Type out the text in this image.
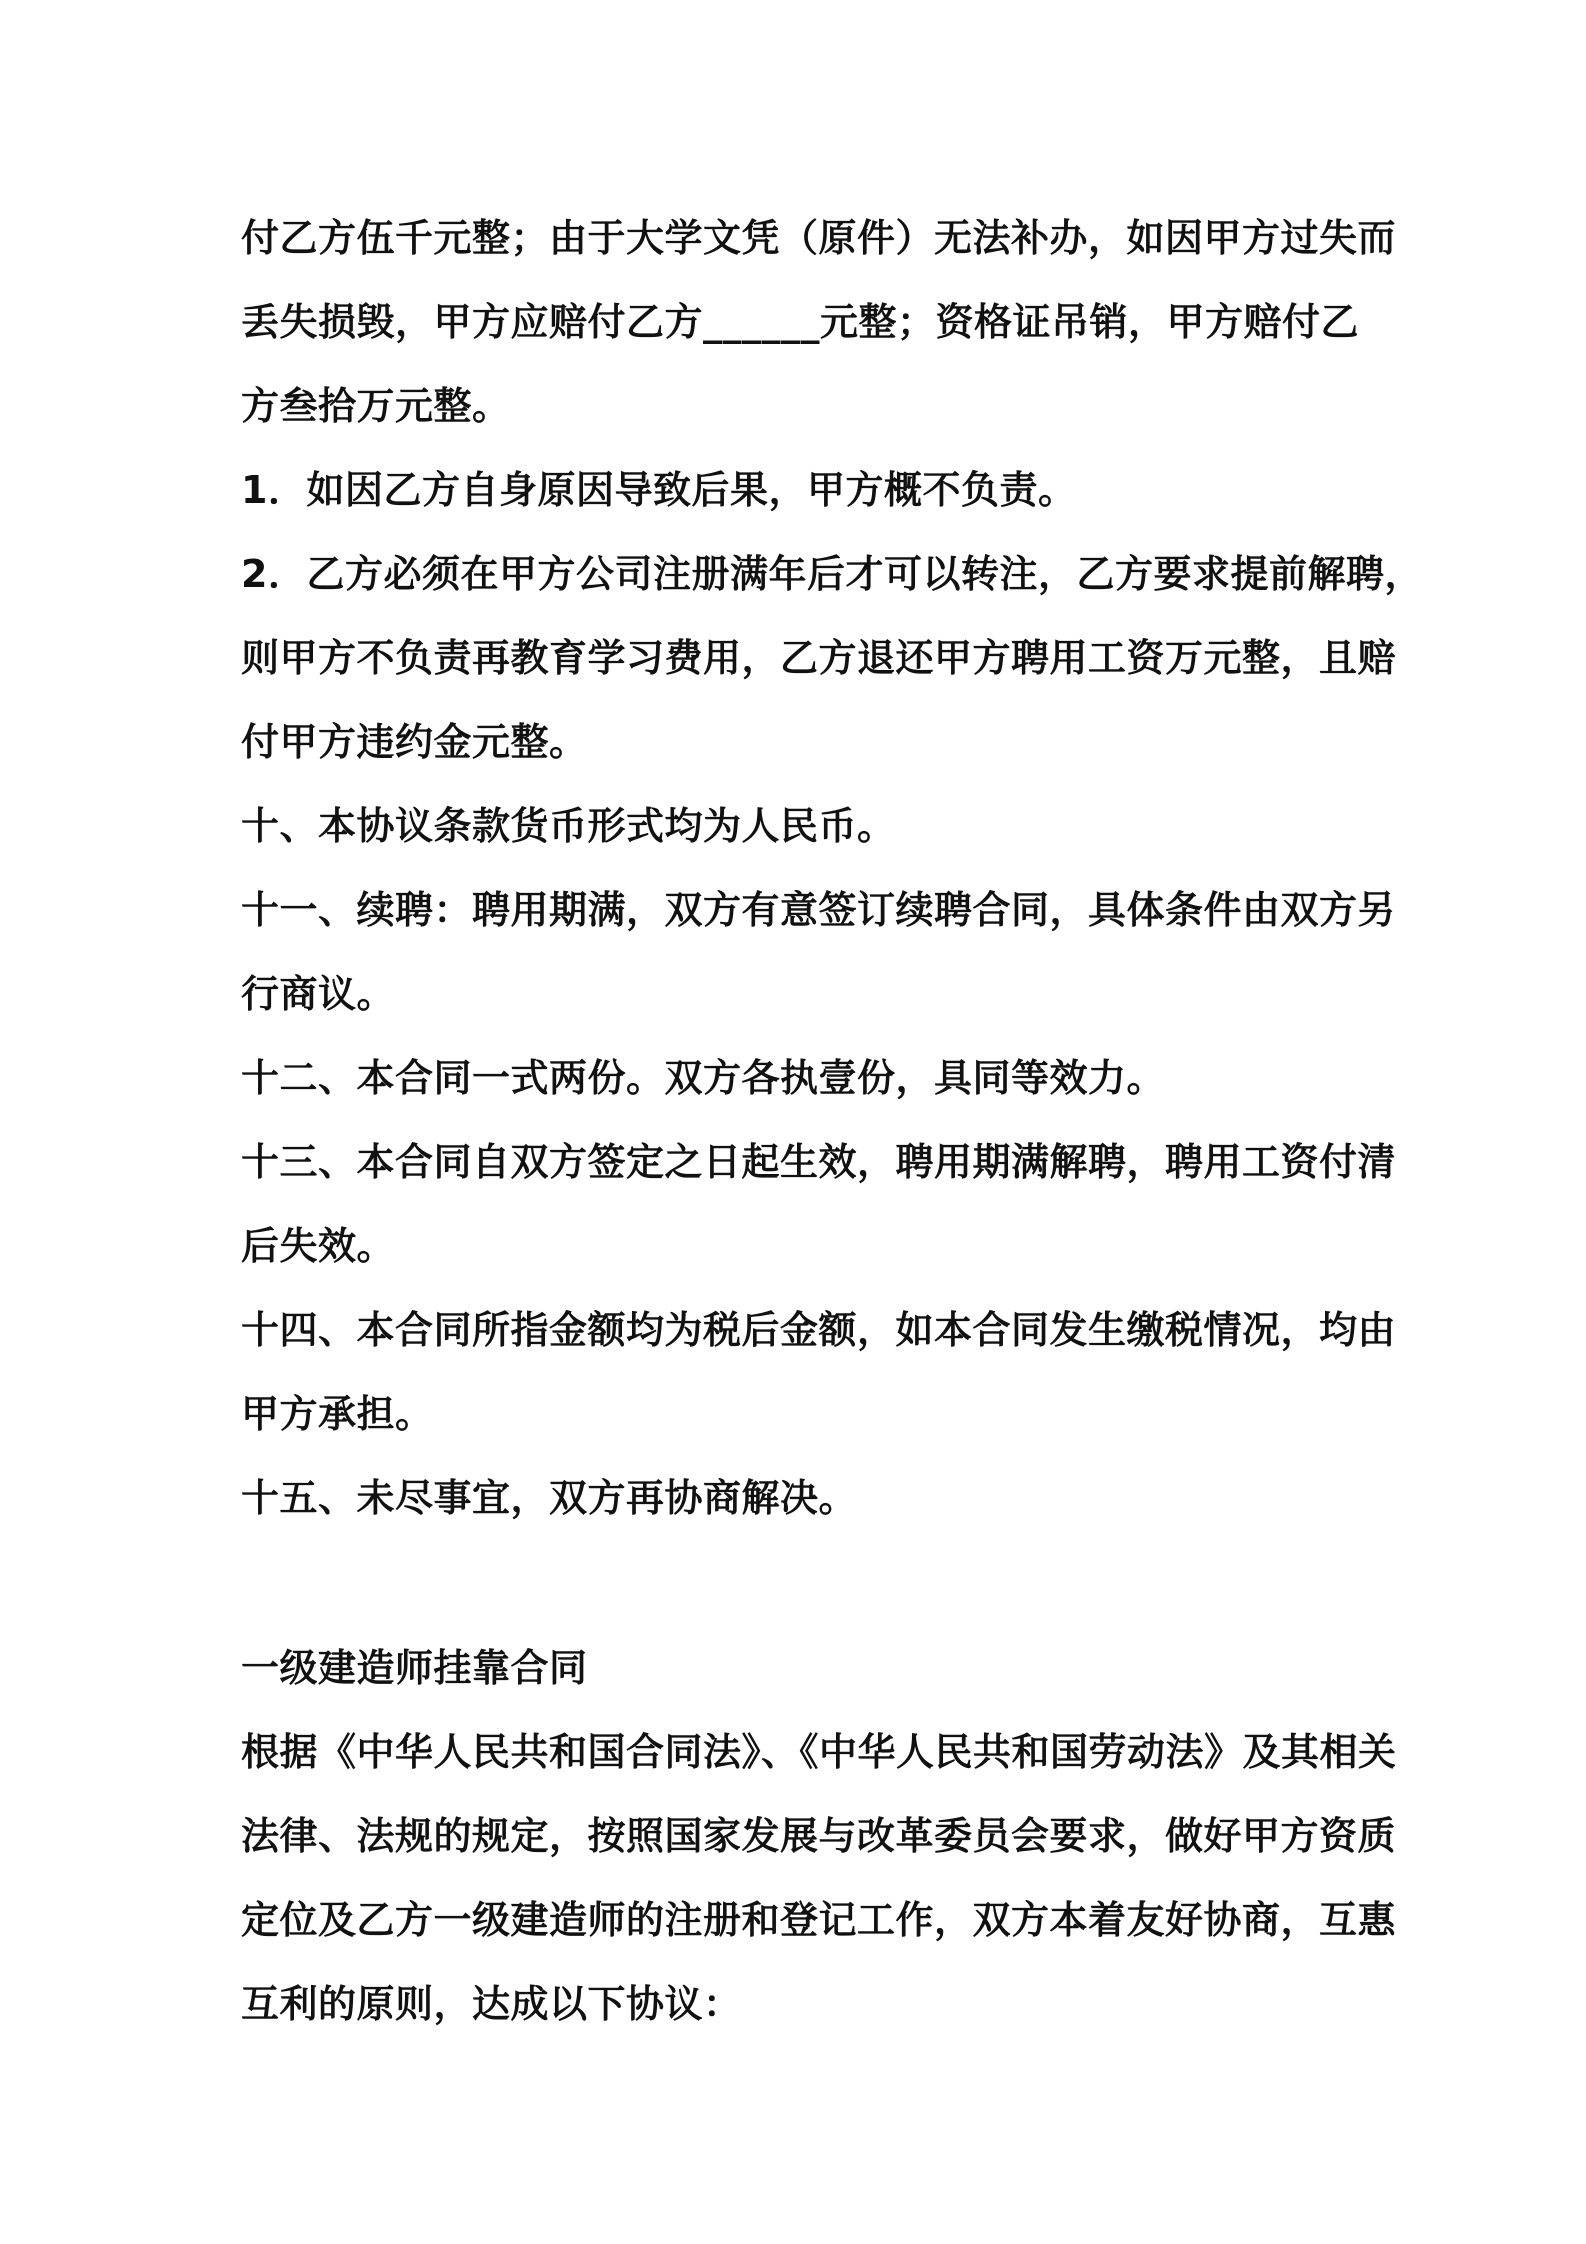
付乙方伍千元整；由于大学文凭（原件）无法补办，如因甲方过失而
丢失损毁，甲方应赔付乙方______元整；资格证吊销，甲方赔付乙
方叁拾万元整。
1．如因乙方自身原因导致后果，甲方概不负责。
2．乙方必须在甲方公司注册满年后才可以转注，乙方要求提前解聘，
则甲方不负责再教育学习费用，乙方退还甲方聘用工资万元整，且赔
付甲方违约金元整。
十、本协议条款货币形式均为人民币。
十一、续聘：聘用期满，双方有意签订续聘合同，具体条件由双方另
行商议。
十二、本合同一式两份。双方各执壹份，具同等效力。
十三、本合同自双方签定之日起生效，聘用期满解聘，聘用工资付清
后失效。
十四、本合同所指金额均为税后金额，如本合同发生缴税情况，均由
甲方承担。
十五、未尽事宜，双方再协商解决。
一级建造师挂靠合同
根据《中华人民共和国合同法》、《中华人民共和国劳动法》及其相关
法律、法规的规定，按照国家发展与改革委员会要求，做好甲方资质
定位及乙方一级建造师的注册和登记工作，双方本着友好协商，互惠
互利的原则，达成以下协议：
